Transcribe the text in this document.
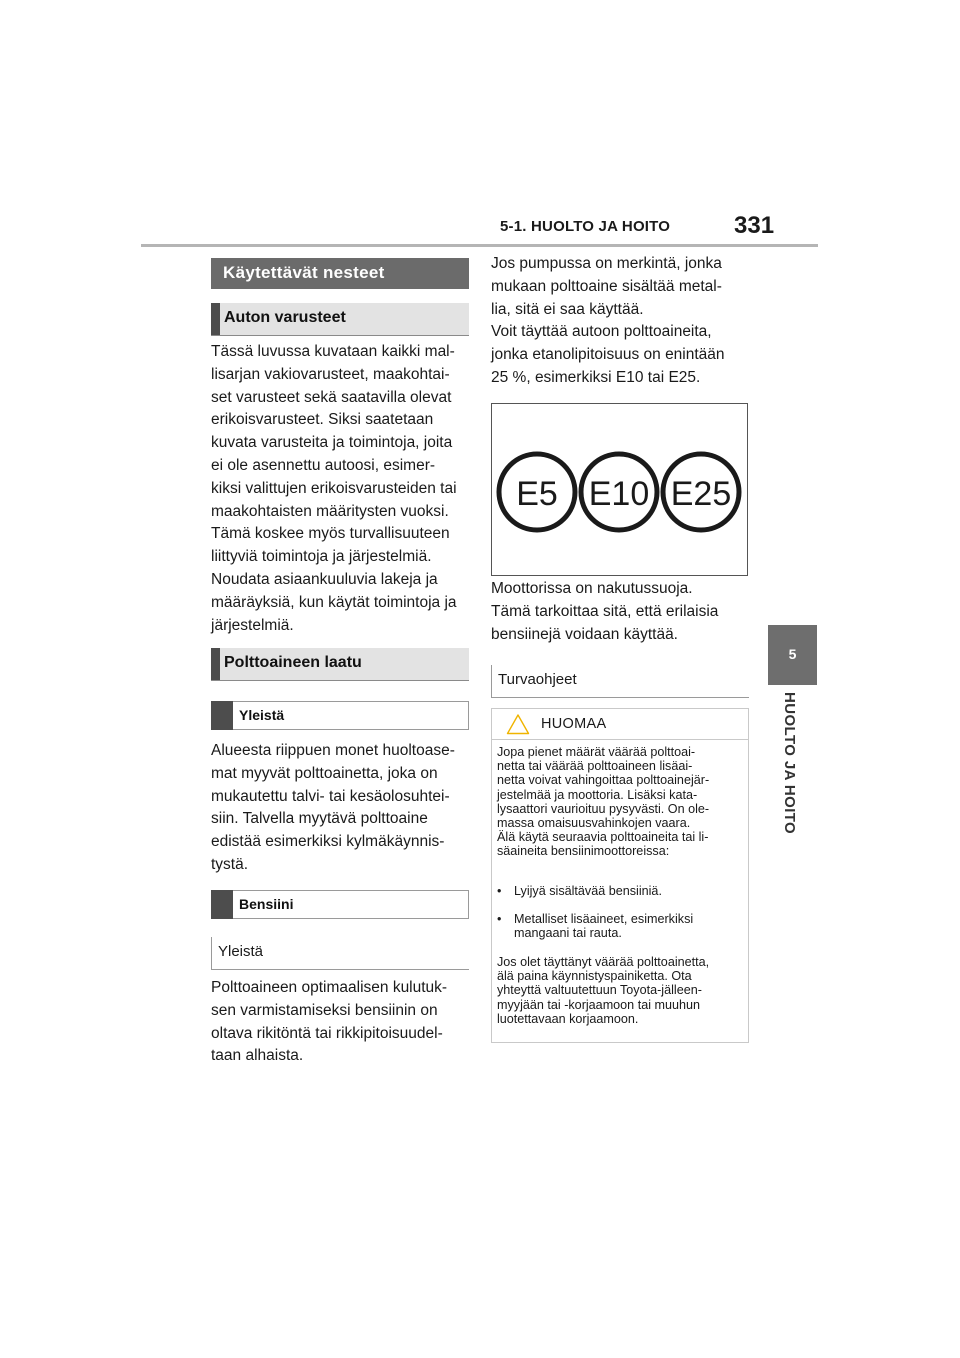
5-1. HUOLTO JA HOITO	331
5
HUOLTO JA HOITO
Käytettävät nesteet
Auton varusteet
Tässä luvussa kuvataan kaikki mal-
lisarjan vakiovarusteet, maakohtai-
set varusteet sekä saatavilla olevat
erikoisvarusteet. Siksi saatetaan
kuvata varusteita ja toimintoja, joita
ei ole asennettu autoosi, esimer-
kiksi valittujen erikoisvarusteiden tai
maakohtaisten määritysten vuoksi.
Tämä koskee myös turvallisuuteen
liittyviä toimintoja ja järjestelmiä.
Noudata asiaankuuluvia lakeja ja
määräyksiä, kun käytät toimintoja ja
järjestelmiä.
Polttoaineen laatu
Yleistä
Alueesta riippuen monet huoltoase-
mat myyvät polttoainetta, joka on
mukautettu talvi- tai kesäolosuhtei-
siin. Talvella myytävä polttoaine
edistää esimerkiksi kylmäkäynnis-
tystä.
Bensiini
Yleistä
Polttoaineen optimaalisen kulutuk-
sen varmistamiseksi bensiinin on
oltava rikitöntä tai rikkipitoisuudel-
taan alhaista.
Jos pumpussa on merkintä, jonka
mukaan polttoaine sisältää metal-
lia, sitä ei saa käyttää.
Voit täyttää autoon polttoaineita,
jonka etanolipitoisuus on enintään
25 %, esimerkiksi E10 tai E25.
E5 E10 E25
Moottorissa on nakutussuoja.
Tämä tarkoittaa sitä, että erilaisia
bensiinejä voidaan käyttää.
Turvaohjeet
HUOMAA
Jopa pienet määrät väärää polttoai-
netta tai väärää polttoaineen lisäai-
netta voivat vahingoittaa polttoainejär-
jestelmää ja moottoria. Lisäksi kata-
lysaattori vaurioituu pysyvästi. On ole-
massa omaisuusvahinkojen vaara.
Älä käytä seuraavia polttoaineita tai li-
säaineita bensiinimoottoreissa:
• Lyijyä sisältävää bensiiniä.
• Metalliset lisäaineet, esimerkiksi
mangaani tai rauta.
Jos olet täyttänyt väärää polttoainetta,
älä paina käynnistyspainiketta. Ota
yhteyttä valtuutettuun Toyota-jälleen-
myyjään tai -korjaamoon tai muuhun
luotettavaan korjaamoon.
